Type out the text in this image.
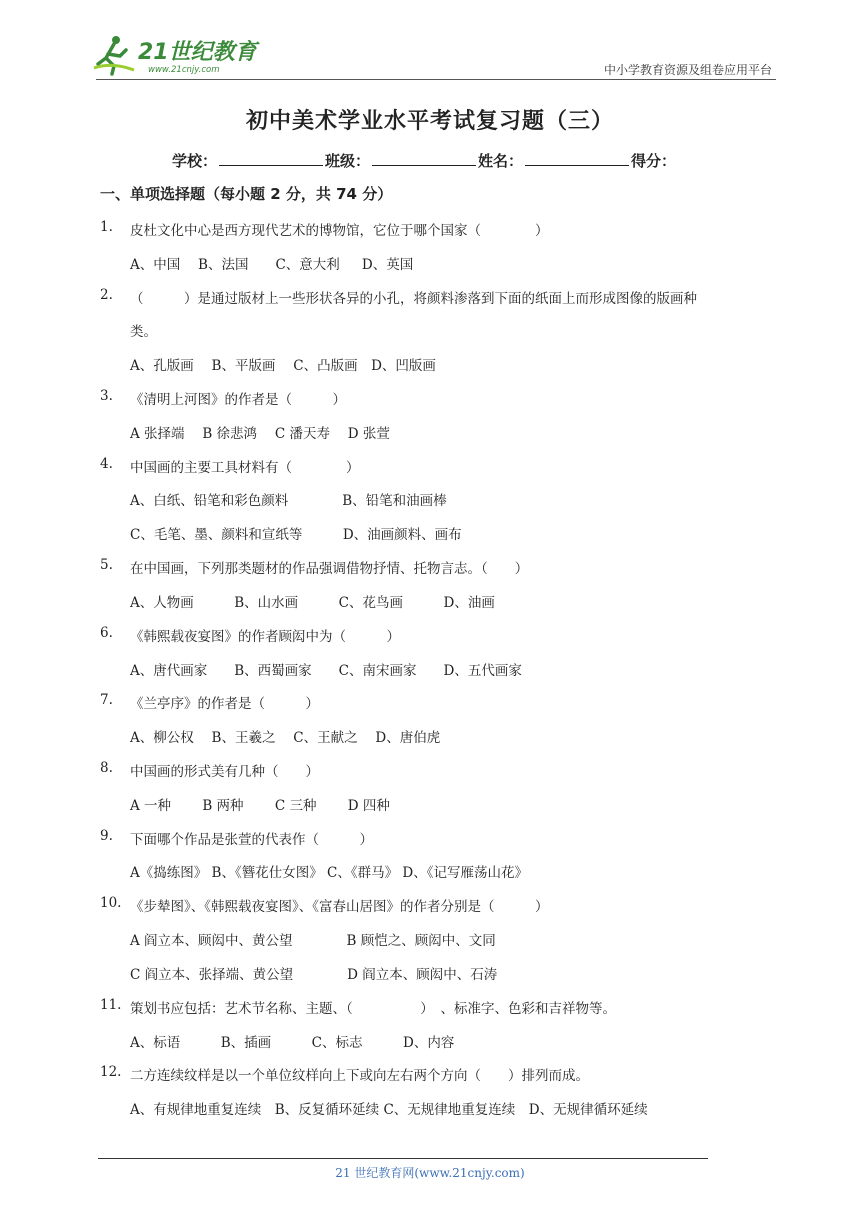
21世纪教育
www.21cnjy.com	中小学教育资源及组卷应用平台
初中美术学业水平考试复习题（三）
学校：	班级：	姓名：	得分：
一、单项选择题（每小题 2 分，共 74 分）
1. 皮杜文化中心是西方现代艺术的博物馆，它位于哪个国家（　　　　）
A、中国　 B、法国　　C、意大利　  D、英国
2. （　　　）是通过版材上一些形状各异的小孔，将颜料渗落到下面的纸面上而形成图像的版画种
类。
A、孔版画　 B、平版画　 C、凸版画　D、凹版画
3. 《清明上河图》的作者是（　　　）
A 张择端　 B 徐悲鸿　 C 潘天寿　 D 张萱
4. 中国画的主要工具材料有（　　　　）
A、白纸、铅笔和彩色颜料　　　　B、铅笔和油画棒
C、毛笔、墨、颜料和宣纸等　　　D、油画颜料、画布
5. 在中国画，下列那类题材的作品强调借物抒情、托物言志。（　　）
A、人物画　　　B、山水画　　　C、花鸟画　　　D、油画
6. 《韩熙载夜宴图》的作者顾闳中为（　　　）
A、唐代画家　　B、西蜀画家　　C、南宋画家　　D、五代画家
7. 《兰亭序》的作者是（　　　）
A、柳公权　 B、王羲之　 C、王献之　 D、唐伯虎
8. 中国画的形式美有几种（　　）
A 一种　　 B 两种　　 C 三种　　 D 四种
9. 下面哪个作品是张萱的代表作（　　　）
A《捣练图》 B、《簪花仕女图》 C、《群马》 D、《记写雁荡山花》
10. 《步辇图》、《韩熙载夜宴图》、《富春山居图》的作者分别是（　　　）
A 阎立本、顾闳中、黄公望　　　　B 顾恺之、顾闳中、文同
C 阎立本、张择端、黄公望　　　　D 阎立本、顾闳中、石涛
11. 策划书应包括：艺术节名称、主题、（　　　　　）　、标准字、色彩和吉祥物等。
A、标语　　　B、插画　　　C、标志　　　D、内容
12. 二方连续纹样是以一个单位纹样向上下或向左右两个方向（　　）排列而成。
A、有规律地重复连续　B、反复循环延续 C、无规律地重复连续　D、无规律循环延续
21 世纪教育网(www.21cnjy.com)
